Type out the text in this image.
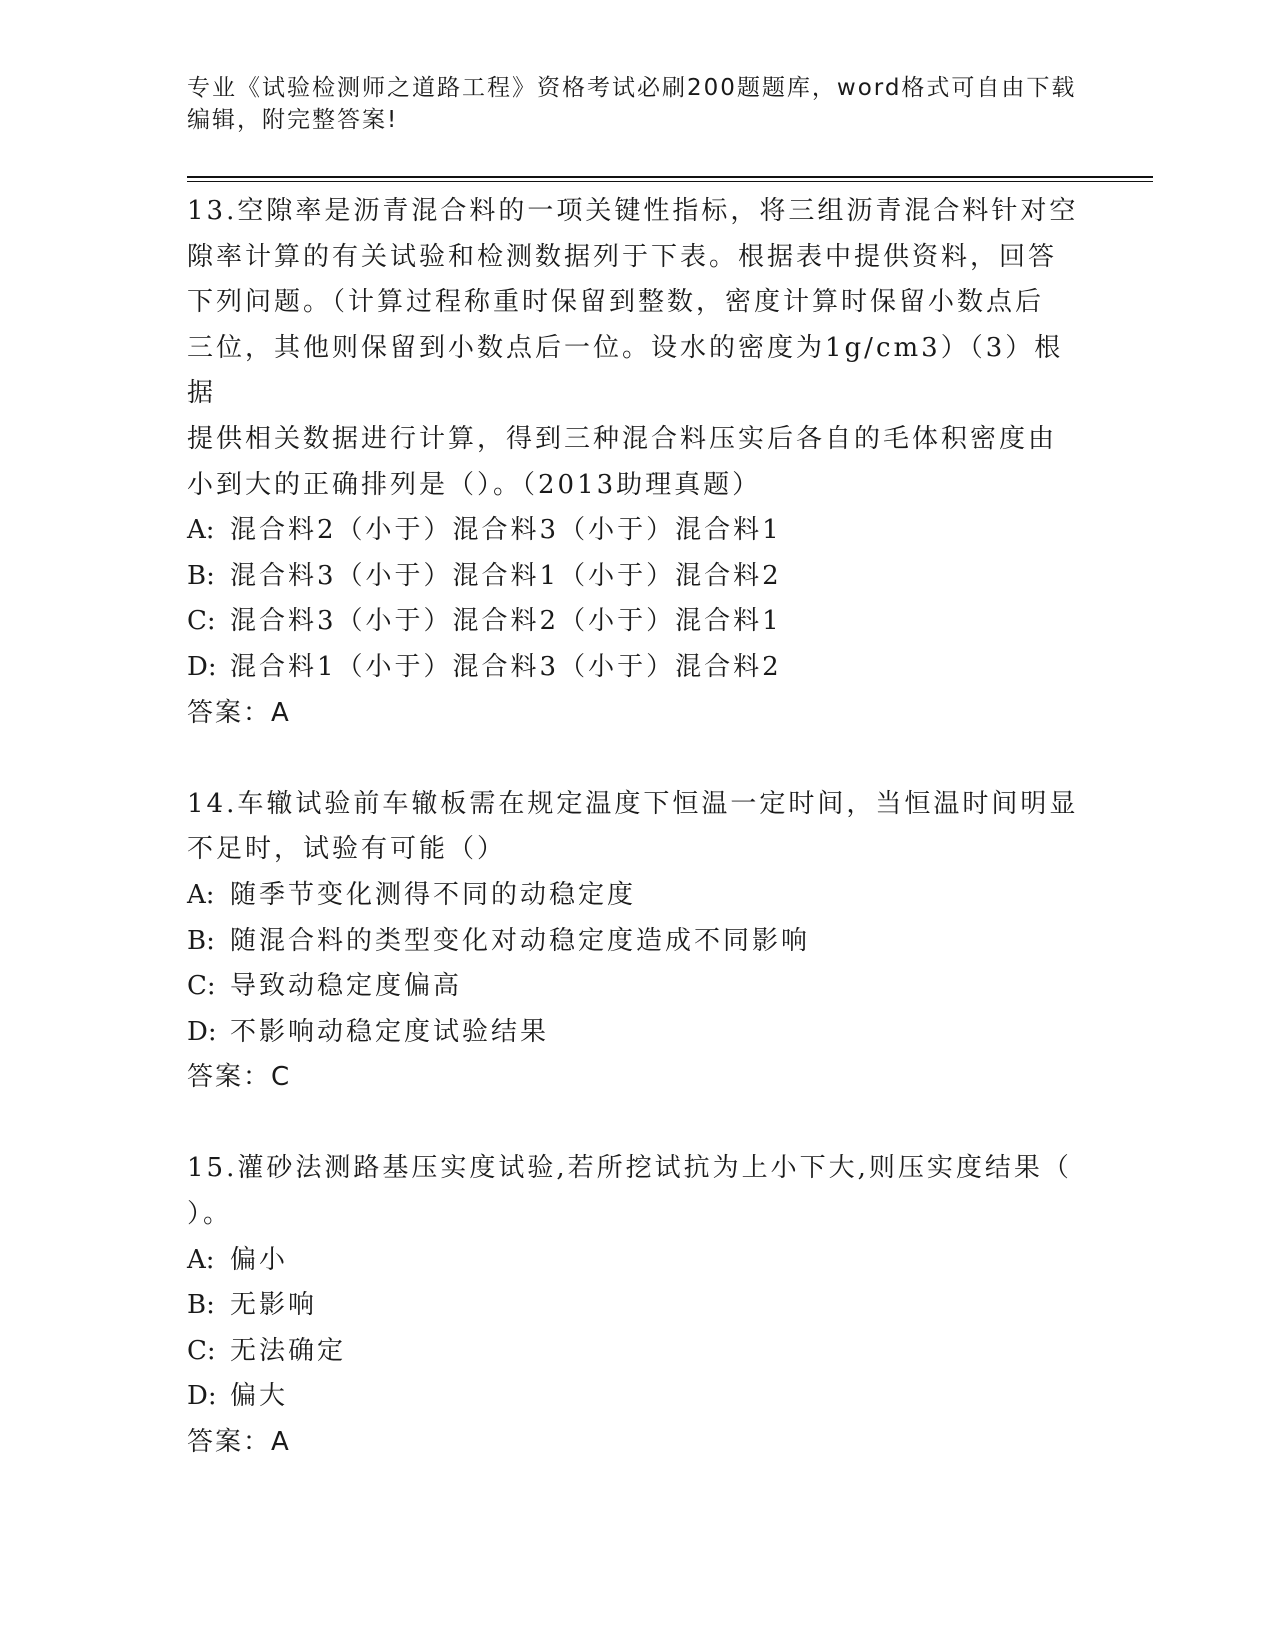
专业《试验检测师之道路工程》资格考试必刷200题题库，word格式可自由下载
编辑，附完整答案!
13.空隙率是沥青混合料的一项关键性指标，将三组沥青混合料针对空
隙率计算的有关试验和检测数据列于下表。根据表中提供资料，回答
下列问题。（计算过程称重时保留到整数，密度计算时保留小数点后
三位，其他则保留到小数点后一位。设水的密度为1g/cm3）（3）根据
提供相关数据进行计算，得到三种混合料压实后各自的毛体积密度由
小到大的正确排列是（）。（2013助理真题）
A: 混合料2（小于）混合料3（小于）混合料1
B: 混合料3（小于）混合料1（小于）混合料2
C: 混合料3（小于）混合料2（小于）混合料1
D: 混合料1（小于）混合料3（小于）混合料2
答案：A
14.车辙试验前车辙板需在规定温度下恒温一定时间，当恒温时间明显
不足时，试验有可能（）
A: 随季节变化测得不同的动稳定度
B: 随混合料的类型变化对动稳定度造成不同影响
C: 导致动稳定度偏高
D: 不影响动稳定度试验结果
答案：C
15.灌砂法测路基压实度试验,若所挖试抗为上小下大,则压实度结果（
）。
A: 偏小
B: 无影响
C: 无法确定
D: 偏大
答案：A
